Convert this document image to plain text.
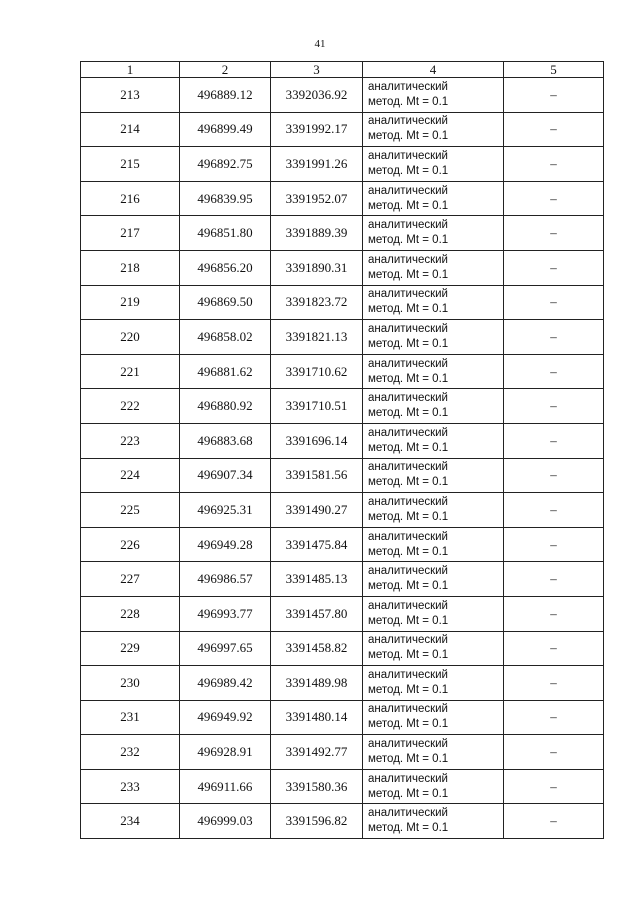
41
1	2	3	4	5
213	496889.12	3392036.92	аналитический
метод. Mt = 0.1	–
214	496899.49	3391992.17	аналитический
метод. Mt = 0.1	–
215	496892.75	3391991.26	аналитический
метод. Mt = 0.1	–
216	496839.95	3391952.07	аналитический
метод. Mt = 0.1	–
217	496851.80	3391889.39	аналитический
метод. Mt = 0.1	–
218	496856.20	3391890.31	аналитический
метод. Mt = 0.1	–
219	496869.50	3391823.72	аналитический
метод. Mt = 0.1	–
220	496858.02	3391821.13	аналитический
метод. Mt = 0.1	–
221	496881.62	3391710.62	аналитический
метод. Mt = 0.1	–
222	496880.92	3391710.51	аналитический
метод. Mt = 0.1	–
223	496883.68	3391696.14	аналитический
метод. Mt = 0.1	–
224	496907.34	3391581.56	аналитический
метод. Mt = 0.1	–
225	496925.31	3391490.27	аналитический
метод. Mt = 0.1	–
226	496949.28	3391475.84	аналитический
метод. Mt = 0.1	–
227	496986.57	3391485.13	аналитический
метод. Mt = 0.1	–
228	496993.77	3391457.80	аналитический
метод. Mt = 0.1	–
229	496997.65	3391458.82	аналитический
метод. Mt = 0.1	–
230	496989.42	3391489.98	аналитический
метод. Mt = 0.1	–
231	496949.92	3391480.14	аналитический
метод. Mt = 0.1	–
232	496928.91	3391492.77	аналитический
метод. Mt = 0.1	–
233	496911.66	3391580.36	аналитический
метод. Mt = 0.1	–
234	496999.03	3391596.82	аналитический
метод. Mt = 0.1	–
